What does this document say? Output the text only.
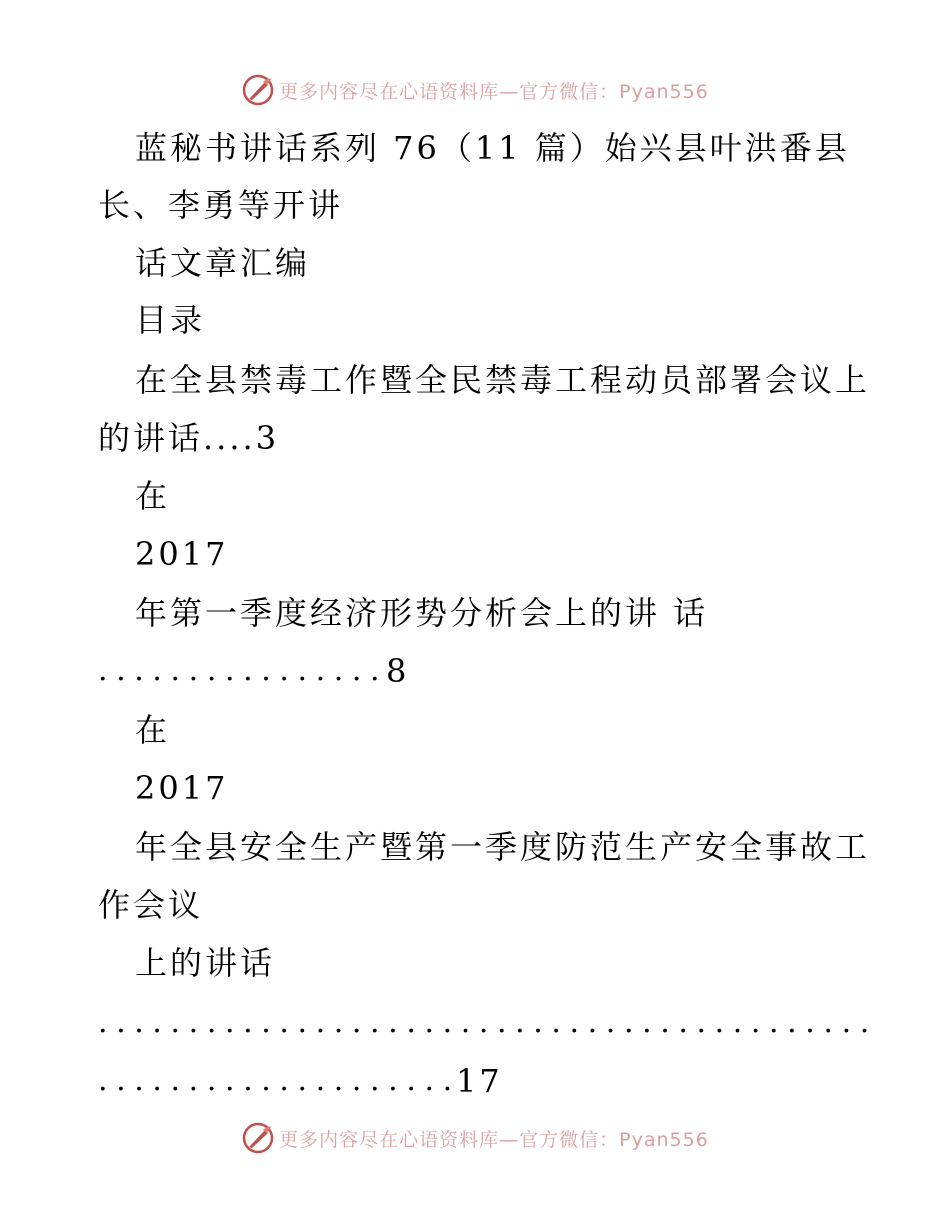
更多内容尽在心语资料库—官方微信：Pyan556
蓝秘书讲话系列 76（11 篇）始兴县叶洪番县
长、李勇等开讲
话文章汇编
目录
在全县禁毒工作暨全民禁毒工程动员部署会议上
的讲话....3
在
2017
年第一季度经济形势分析会上的讲 话
................
8
在
2017
年全县安全生产暨第一季度防范生产安全事故工
作会议
上的讲话
...........................................
....................
17
更多内容尽在心语资料库—官方微信：Pyan556
